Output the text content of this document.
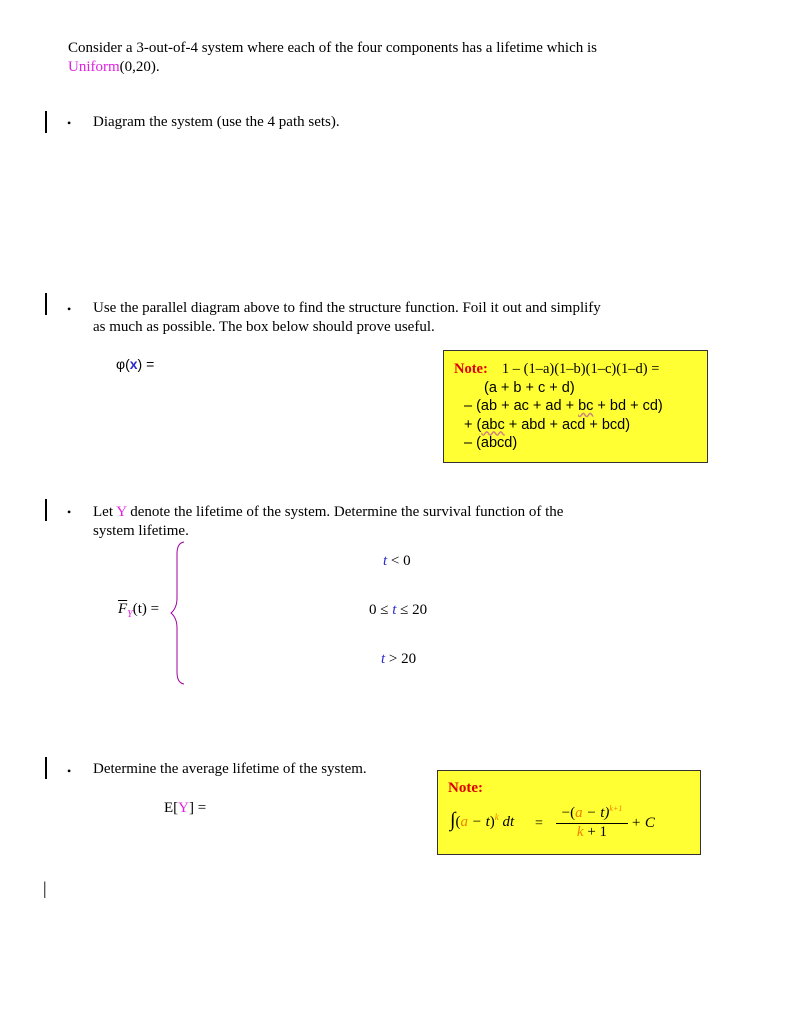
Consider a 3-out-of-4 system where each of the four components has a lifetime which is
Uniform(0,20).
• Diagram the system (use the 4 path sets).
• Use the parallel diagram above to find the structure function. Foil it out and simplify
as much as possible. The box below should prove useful.
φ(x) =	Note: 1 – (1–a)(1–b)(1–c)(1–d) =
(a + b + c + d)
– (ab + ac + ad + bc + bd + cd)
+ (abc + abd + acd + bcd)
– (abcd)
• Let Y denote the lifetime of the system. Determine the survival function of the
system lifetime.
$\overline{F}_Y(t)$ =
t < 0
0 ≤ t ≤ 20
t > 20
• Determine the average lifetime of the system.
E[Y] =
Note:
$\int(a - t)^k$ dt = $\frac{-(a - t)^{k+1}}{k + 1} + C$
|
